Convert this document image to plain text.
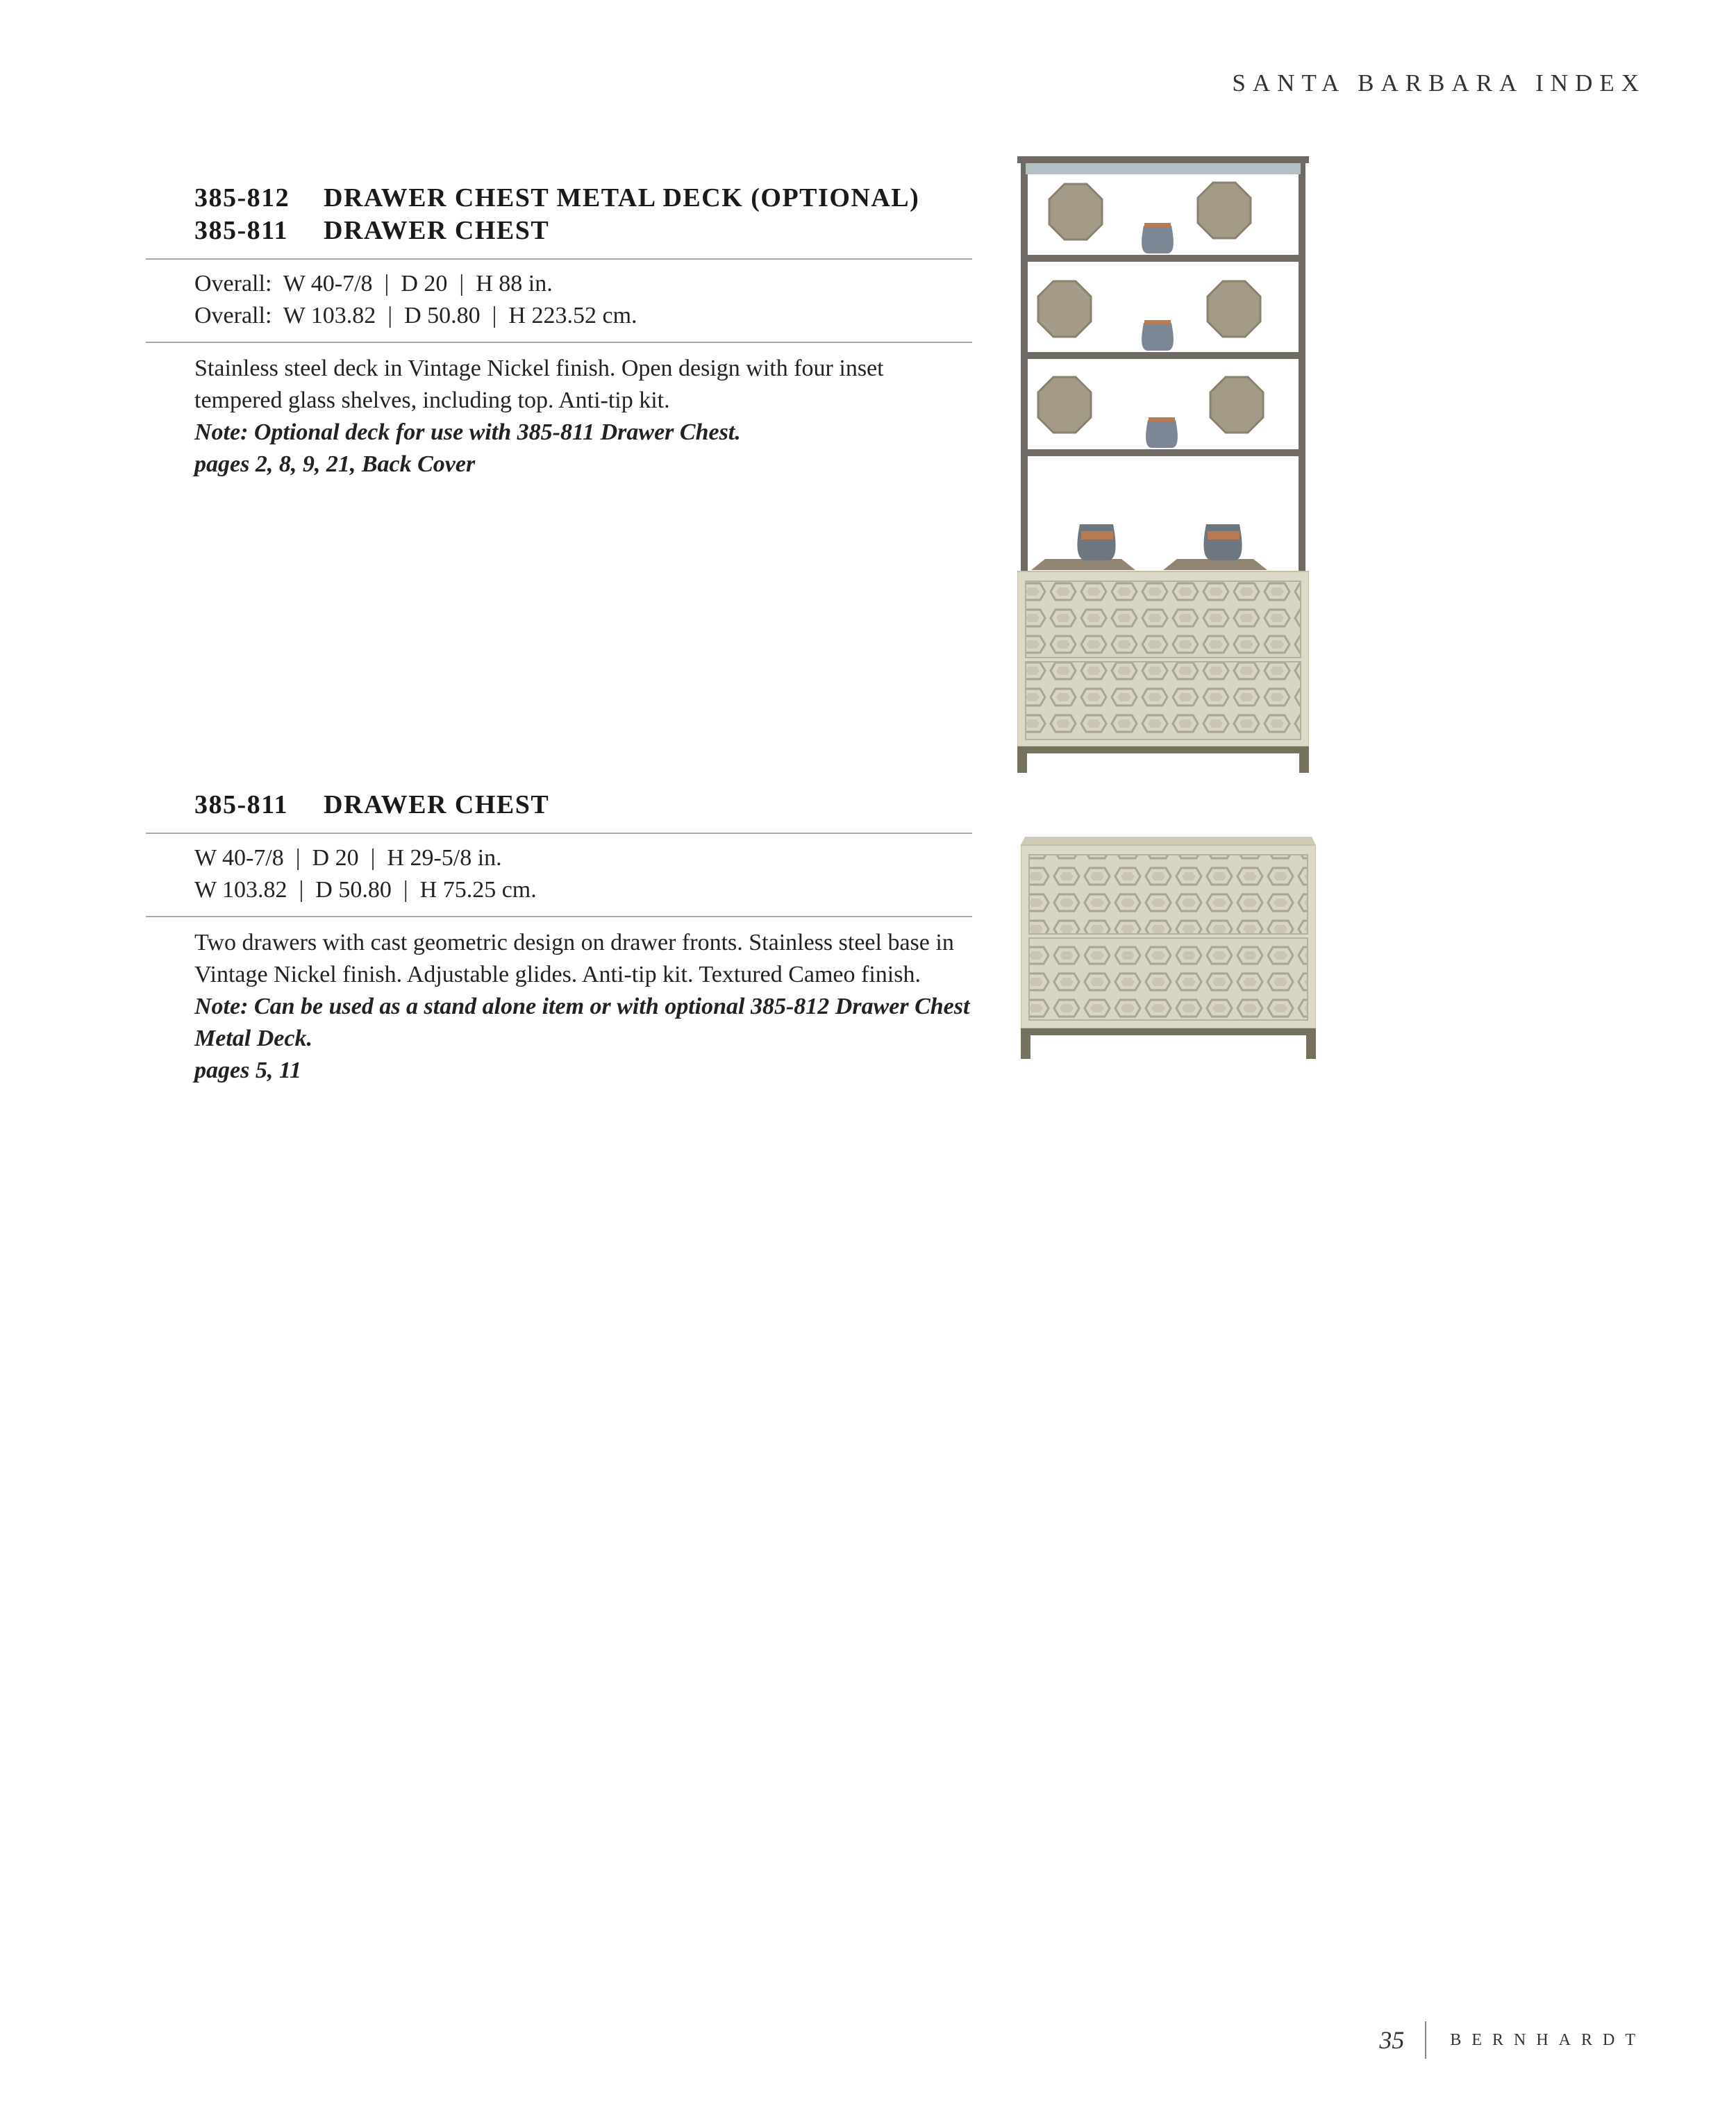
SANTA BARBARA INDEX
385-812 DRAWER CHEST METAL DECK (OPTIONAL)
385-811 DRAWER CHEST
Overall:  W 40-7/8  |  D 20  |  H 88 in.
Overall:  W 103.82  |  D 50.80  |  H 223.52 cm.

Stainless steel deck in Vintage Nickel finish. Open design with four inset tempered glass shelves, including top. Anti-tip kit.

Note: Optional deck for use with 385-811 Drawer Chest.
pages 2, 8, 9, 21, Back Cover
385-811 DRAWER CHEST
W 40-7/8  |  D 20  |  H 29-5/8 in.
W 103.82  |  D 50.80  |  H 75.25 cm.

Two drawers with cast geometric design on drawer fronts. Stainless steel base in Vintage Nickel finish. Adjustable glides. Anti-tip kit. Textured Cameo finish.

Note: Can be used as a stand alone item or with optional 385-812 Drawer Chest Metal Deck.
pages 5, 11
35	BERNHARDT
